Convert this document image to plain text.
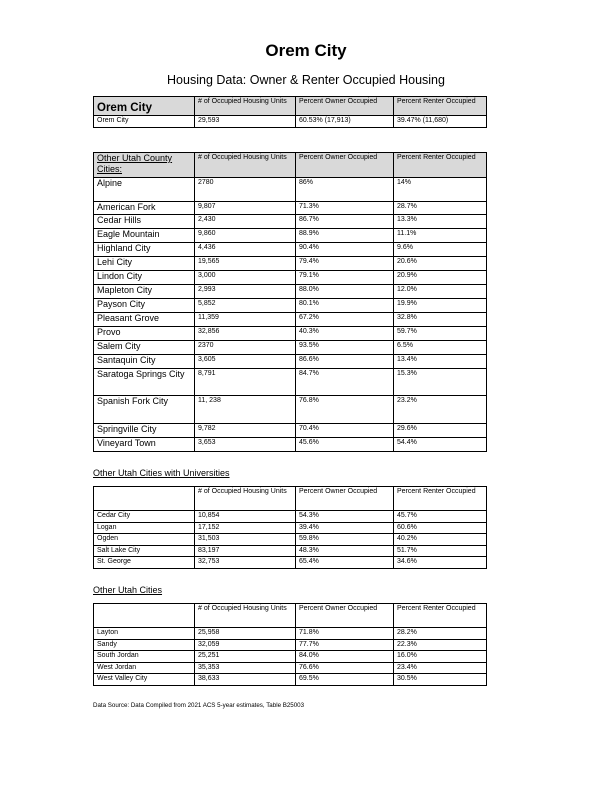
Orem City
Housing Data: Owner & Renter Occupied Housing
Orem City	# of Occupied Housing Units	Percent Owner Occupied	Percent Renter Occupied
Orem City	29,593	60.53% (17,913)	39.47% (11,680)
Other Utah County Cities:	# of Occupied Housing Units	Percent Owner Occupied	Percent Renter Occupied
Alpine	2780	86%	14%
American Fork	9,807	71.3%	28.7%
Cedar Hills	2,430	86.7%	13.3%
Eagle Mountain	9,860	88.9%	11.1%
Highland City	4,436	90.4%	9.6%
Lehi City	19,565	79.4%	20.6%
Lindon City	3,000	79.1%	20.9%
Mapleton City	2,993	88.0%	12.0%
Payson City	5,852	80.1%	19.9%
Pleasant Grove	11,359	67.2%	32.8%
Provo	32,856	40.3%	59.7%
Salem City	2370	93.5%	6.5%
Santaquin City	3,605	86.6%	13.4%
Saratoga Springs City	8,791	84.7%	15.3%
Spanish Fork City	11, 238	76.8%	23.2%
Springville City	9,782	70.4%	29.6%
Vineyard Town	3,653	45.6%	54.4%
Other Utah Cities with Universities
	# of Occupied Housing Units	Percent Owner Occupied	Percent Renter Occupied
Cedar City	10,854	54.3%	45.7%
Logan	17,152	39.4%	60.6%
Ogden	31,503	59.8%	40.2%
Salt Lake City	83,197	48.3%	51.7%
St. George	32,753	65.4%	34.6%
Other Utah Cities
	# of Occupied Housing Units	Percent Owner Occupied	Percent Renter Occupied
Layton	25,958	71.8%	28.2%
Sandy	32,059	77.7%	22.3%
South Jordan	25,251	84.0%	16.0%
West Jordan	35,353	76.6%	23.4%
West Valley City	38,633	69.5%	30.5%
Data Source: Data Compiled from 2021 ACS 5-year estimates, Table B25003
